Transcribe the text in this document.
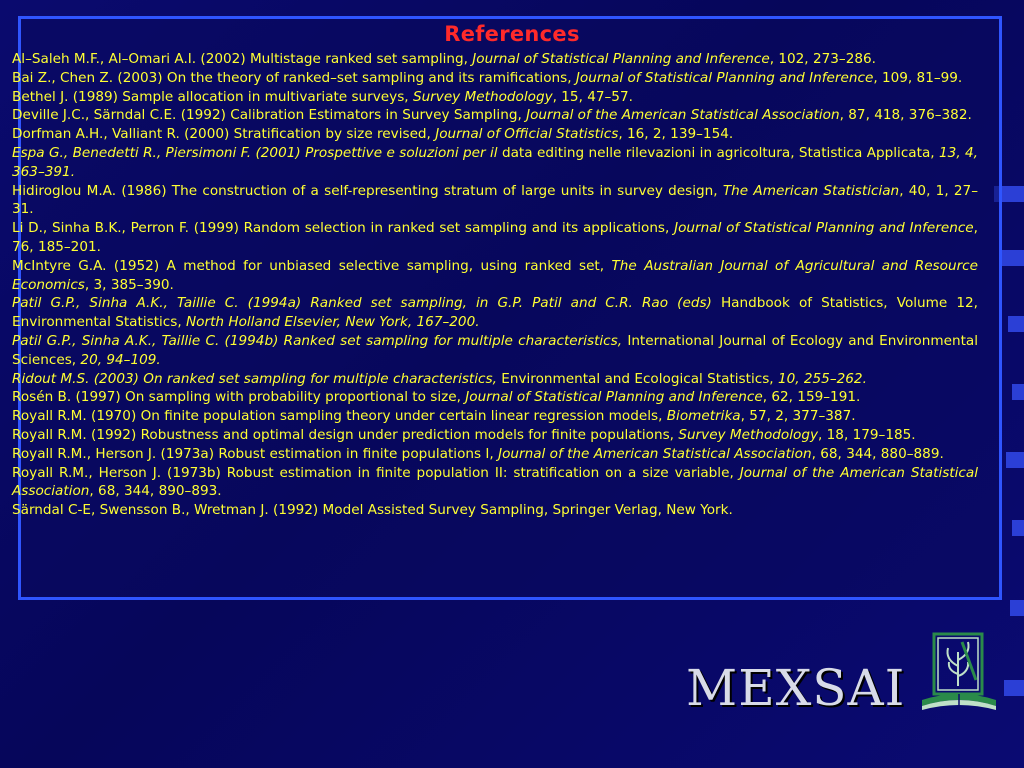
References

Al–Saleh M.F., Al–Omari A.I. (2002) Multistage ranked set sampling, Journal of Statistical Planning and Inference, 102, 273–286.

Bai Z., Chen Z. (2003) On the theory of ranked–set sampling and its ramifications, Journal of Statistical Planning and Inference, 109, 81–99.

Bethel J. (1989) Sample allocation in multivariate surveys, Survey Methodology, 15, 47–57.

Deville J.C., Särndal C.E. (1992) Calibration Estimators in Survey Sampling, Journal of the American Statistical Association, 87, 418, 376–382.

Dorfman A.H., Valliant R. (2000) Stratification by size revised, Journal of Official Statistics, 16, 2, 139–154.

Espa G., Benedetti R., Piersimoni F. (2001) Prospettive e soluzioni per il data editing nelle rilevazioni in agricoltura, Statistica Applicata, 13, 4, 363–391.

Hidiroglou M.A. (1986) The construction of a self-representing stratum of large units in survey design, The American Statistician, 40, 1, 27–31.

Li D., Sinha B.K., Perron F. (1999) Random selection in ranked set sampling and its applications, Journal of Statistical Planning and Inference, 76, 185–201.

McIntyre G.A. (1952) A method for unbiased selective sampling, using ranked set, The Australian Journal of Agricultural and Resource Economics, 3, 385–390.

Patil G.P., Sinha A.K., Taillie C. (1994a) Ranked set sampling, in G.P. Patil and C.R. Rao (eds) Handbook of Statistics, Volume 12, Environmental Statistics, North Holland Elsevier, New York, 167–200.

Patil G.P., Sinha A.K., Taillie C. (1994b) Ranked set sampling for multiple characteristics, International Journal of Ecology and Environmental Sciences, 20, 94–109.

Ridout M.S. (2003) On ranked set sampling for multiple characteristics, Environmental and Ecological Statistics, 10, 255–262.

Rosén B. (1997) On sampling with probability proportional to size, Journal of Statistical Planning and Inference, 62, 159–191.

Royall R.M. (1970) On finite population sampling theory under certain linear regression models, Biometrika, 57, 2, 377–387.

Royall R.M. (1992) Robustness and optimal design under prediction models for finite populations, Survey Methodology, 18, 179–185.

Royall R.M., Herson J. (1973a) Robust estimation in finite populations I, Journal of the American Statistical Association, 68, 344, 880–889.

Royall R.M., Herson J. (1973b) Robust estimation in finite population II: stratification on a size variable, Journal of the American Statistical Association, 68, 344, 890–893.

Särndal C-E, Swensson B., Wretman J. (1992) Model Assisted Survey Sampling, Springer Verlag, New York.

MEXSAI
